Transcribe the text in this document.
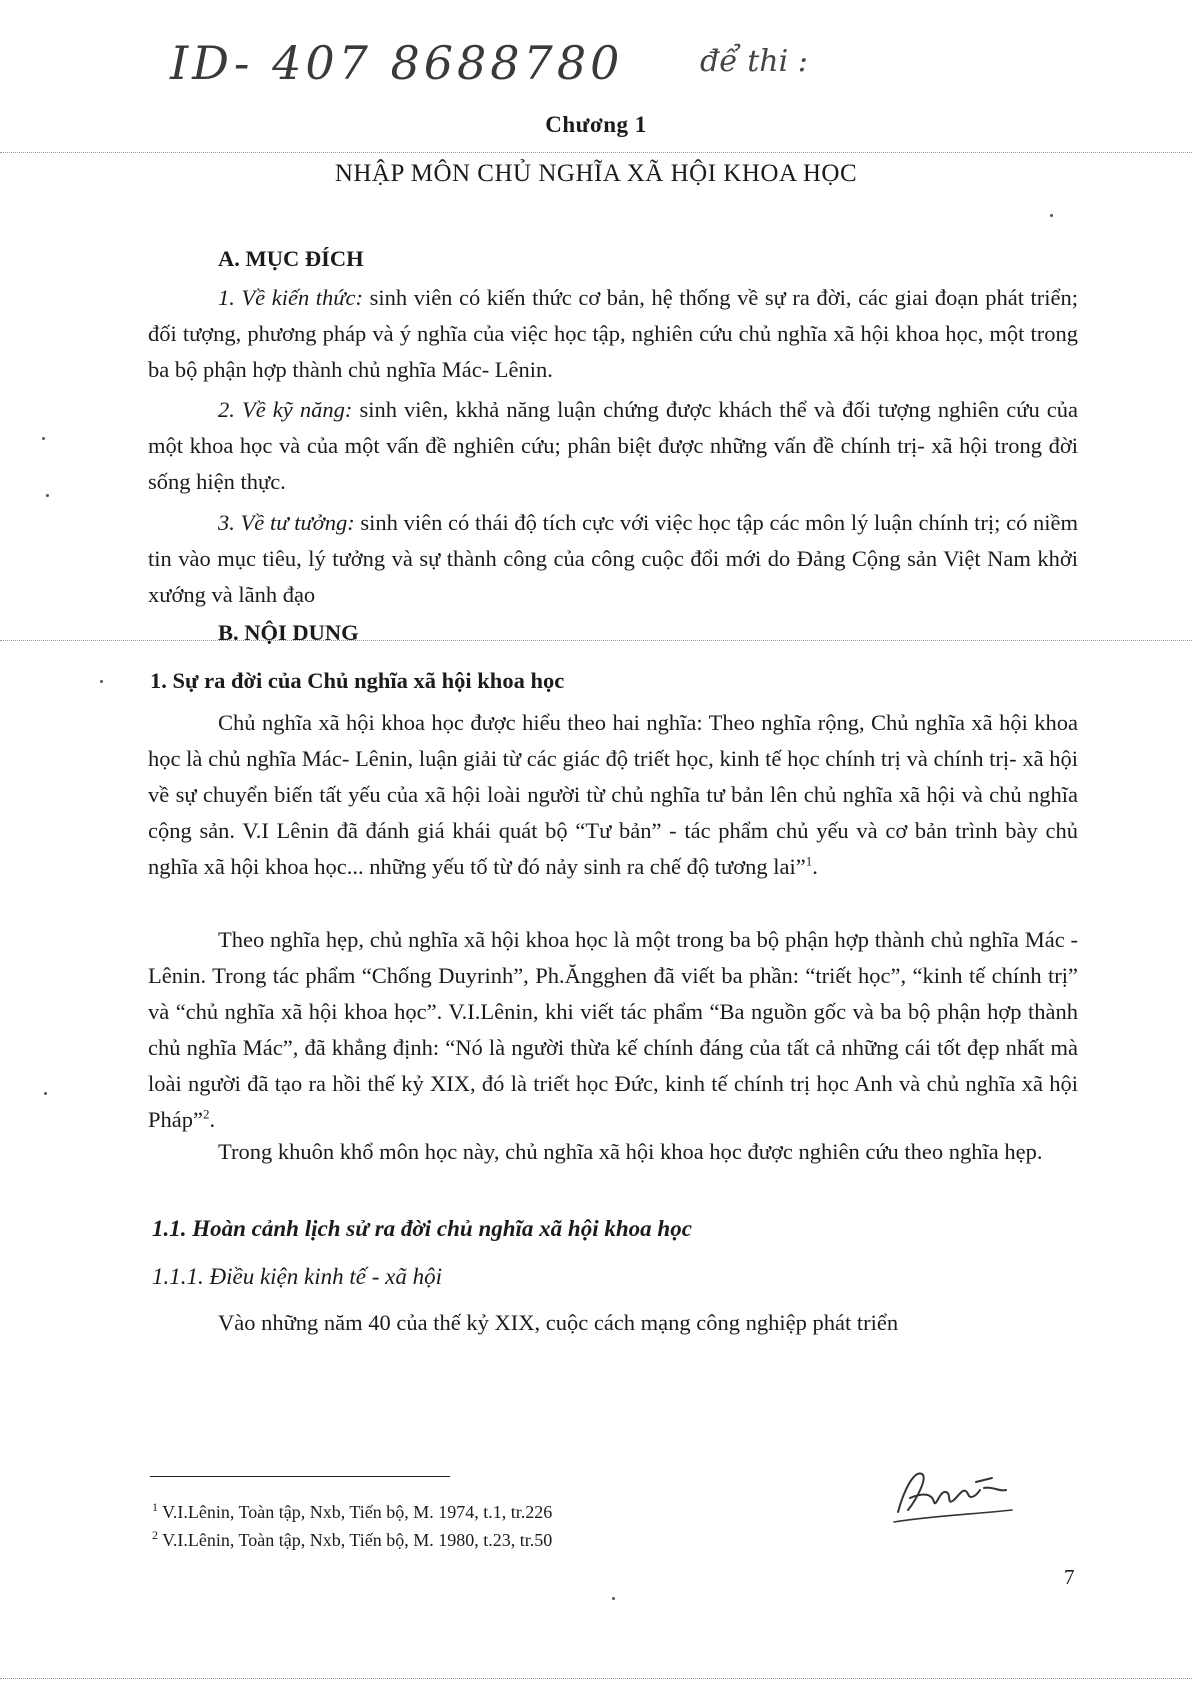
ID- 407 8688780	để thi :
Chương 1
NHẬP MÔN CHỦ NGHĨA XÃ HỘI KHOA HỌC
A. MỤC ĐÍCH

1. Về kiến thức: sinh viên có kiến thức cơ bản, hệ thống về sự ra đời, các giai đoạn phát triển; đối tượng, phương pháp và ý nghĩa của việc học tập, nghiên cứu chủ nghĩa xã hội khoa học, một trong ba bộ phận hợp thành chủ nghĩa Mác- Lênin.

2. Về kỹ năng: sinh viên, kkhả năng luận chứng được khách thể và đối tượng nghiên cứu của một khoa học và của một vấn đề nghiên cứu; phân biệt được những vấn đề chính trị- xã hội trong đời sống hiện thực.

3. Về tư tưởng: sinh viên có thái độ tích cực với việc học tập các môn lý luận chính trị; có niềm tin vào mục tiêu, lý tưởng và sự thành công của công cuộc đổi mới do Đảng Cộng sản Việt Nam khởi xướng và lãnh đạo

B. NỘI DUNG
1. Sự ra đời của Chủ nghĩa xã hội khoa học

Chủ nghĩa xã hội khoa học được hiểu theo hai nghĩa: Theo nghĩa rộng, Chủ nghĩa xã hội khoa học là chủ nghĩa Mác- Lênin, luận giải từ các giác độ triết học, kinh tế học chính trị và chính trị- xã hội về sự chuyển biến tất yếu của xã hội loài người từ chủ nghĩa tư bản lên chủ nghĩa xã hội và chủ nghĩa cộng sản. V.I Lênin đã đánh giá khái quát bộ “Tư bản” - tác phẩm chủ yếu và cơ bản trình bày chủ nghĩa xã hội khoa học... những yếu tố từ đó nảy sinh ra chế độ tương lai”$^1$.

Theo nghĩa hẹp, chủ nghĩa xã hội khoa học là một trong ba bộ phận hợp thành chủ nghĩa Mác - Lênin. Trong tác phẩm “Chống Duyrinh”, Ph.Ăngghen đã viết ba phần: “triết học”, “kinh tế chính trị” và “chủ nghĩa xã hội khoa học”. V.I.Lênin, khi viết tác phẩm “Ba nguồn gốc và ba bộ phận hợp thành chủ nghĩa Mác”, đã khẳng định: “Nó là người thừa kế chính đáng của tất cả những cái tốt đẹp nhất mà loài người đã tạo ra hồi thế kỷ XIX, đó là triết học Đức, kinh tế chính trị học Anh và chủ nghĩa xã hội Pháp”$^2$.

Trong khuôn khổ môn học này, chủ nghĩa xã hội khoa học được nghiên cứu theo nghĩa hẹp.

1.1. Hoàn cảnh lịch sử ra đời chủ nghĩa xã hội khoa học
1.1.1. Điều kiện kinh tế - xã hội

Vào những năm 40 của thế kỷ XIX, cuộc cách mạng công nghiệp phát triển

$^1$ V.I.Lênin, Toàn tập, Nxb, Tiến bộ, M. 1974, t.1, tr.226

$^2$ V.I.Lênin, Toàn tập, Nxb, Tiến bộ, M. 1980, t.23, tr.50

7
